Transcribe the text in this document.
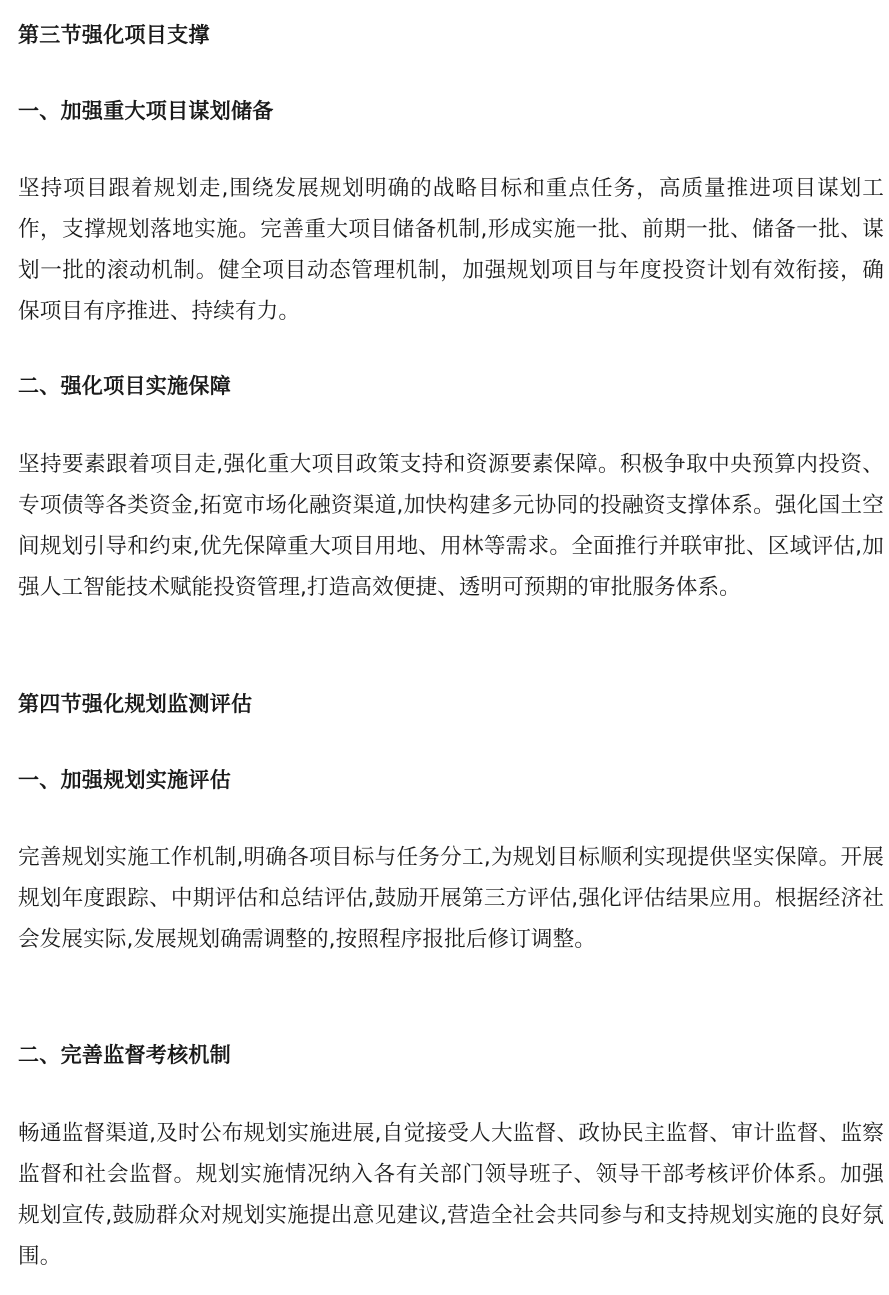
第三节强化项目支撑
一、加强重大项目谋划储备

坚持项目跟着规划走,围绕发展规划明确的战略目标和重点任务，高质量推进项目谋划工作，支撑规划落地实施。完善重大项目储备机制,形成实施一批、前期一批、储备一批、谋划一批的滚动机制。健全项目动态管理机制，加强规划项目与年度投资计划有效衔接，确保项目有序推进、持续有力。

二、强化项目实施保障

坚持要素跟着项目走,强化重大项目政策支持和资源要素保障。积极争取中央预算内投资、专项债等各类资金,拓宽市场化融资渠道,加快构建多元协同的投融资支撑体系。强化国土空间规划引导和约束,优先保障重大项目用地、用林等需求。全面推行并联审批、区域评估,加强人工智能技术赋能投资管理,打造高效便捷、透明可预期的审批服务体系。

第四节强化规划监测评估
一、加强规划实施评估

完善规划实施工作机制,明确各项目标与任务分工,为规划目标顺利实现提供坚实保障。开展规划年度跟踪、中期评估和总结评估,鼓励开展第三方评估,强化评估结果应用。根据经济社会发展实际,发展规划确需调整的,按照程序报批后修订调整。

二、完善监督考核机制

畅通监督渠道,及时公布规划实施进展,自觉接受人大监督、政协民主监督、审计监督、监察监督和社会监督。规划实施情况纳入各有关部门领导班子、领导干部考核评价体系。加强规划宣传,鼓励群众对规划实施提出意见建议,营造全社会共同参与和支持规划实施的良好氛围。
